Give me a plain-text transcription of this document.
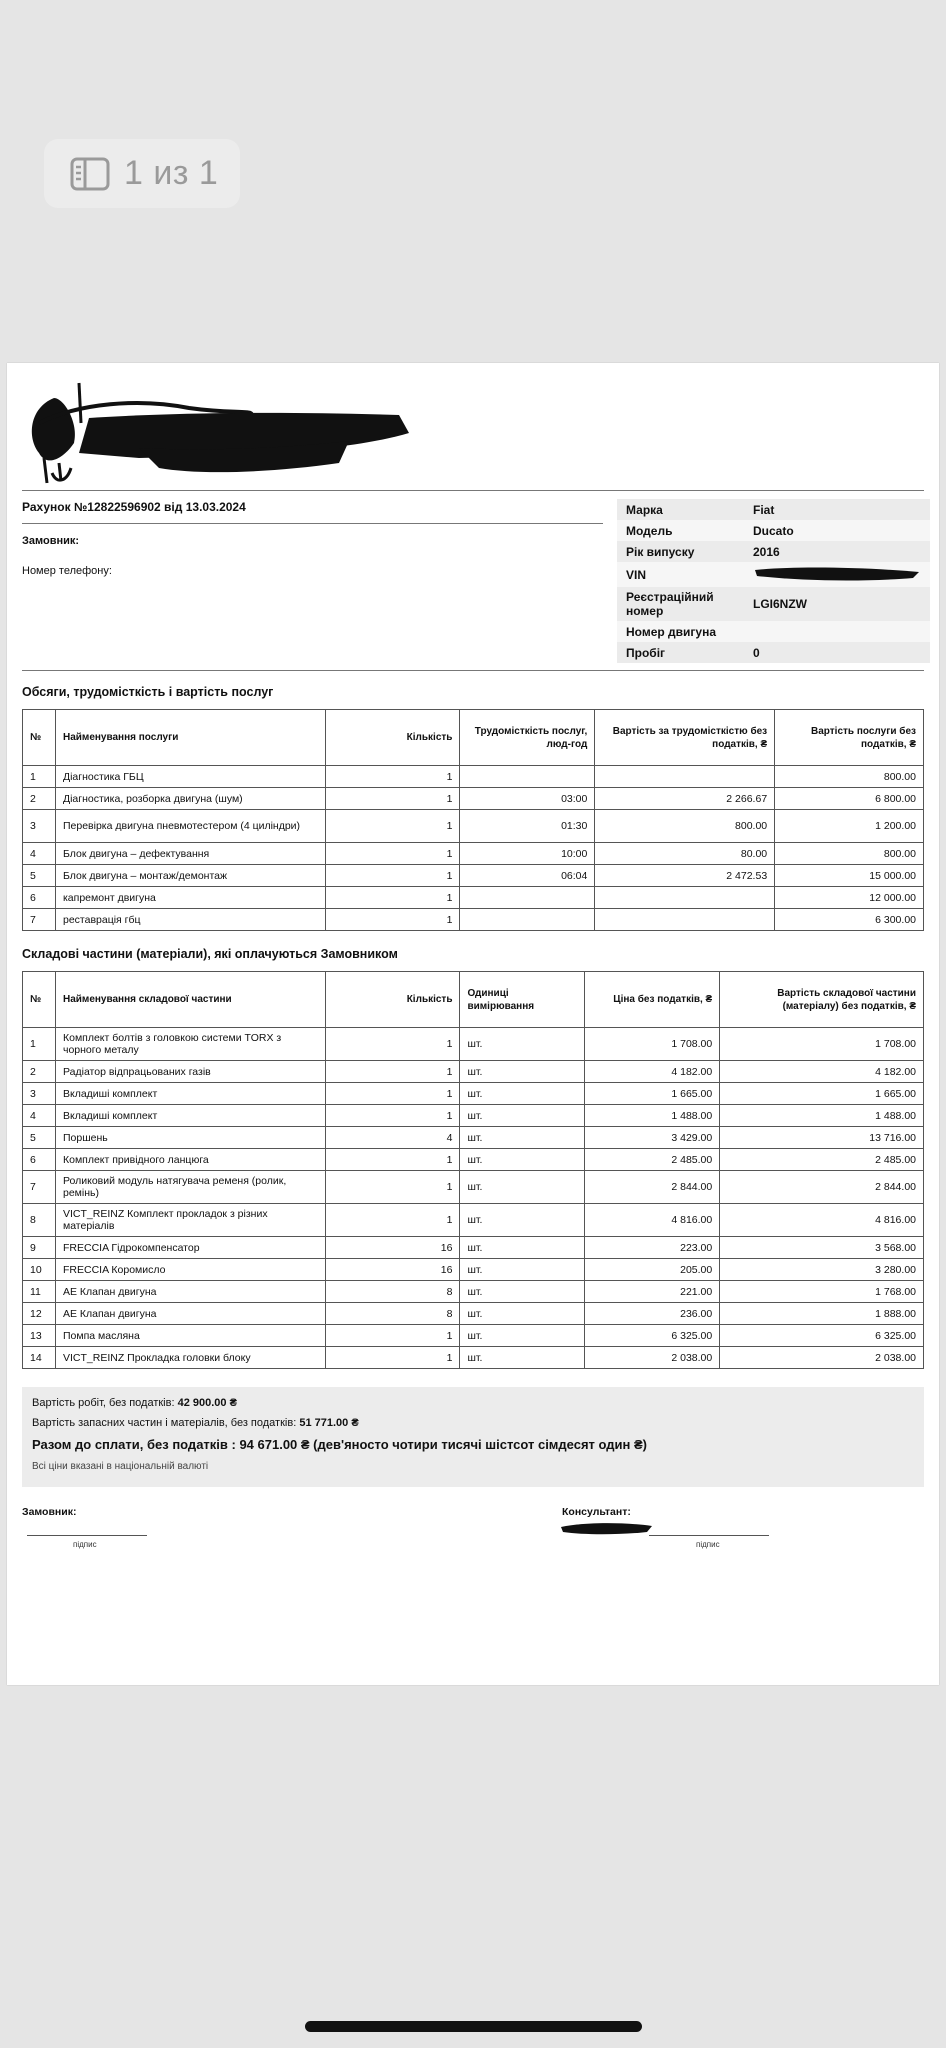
1 из 1
Рахунок №12822596902 від 13.03.2024
Замовник:
Номер телефону:
Марка	Fiat
Модель	Ducato
Рік випуску	2016
VIN	
Реєстраційний номер	LGI6NZW
Номер двигуна	
Пробіг	0
Обсяги, трудомісткість і вартість послуг
№	Найменування послуги	Кількість	Трудомісткість послуг, люд-год	Вартість за трудомісткістю без податків, ₴	Вартість послуги без податків, ₴
1	Діагностика ГБЦ	1			800.00
2	Діагностика, розборка двигуна (шум)	1	03:00	2 266.67	6 800.00
3	Перевірка двигуна пневмотестером (4 циліндри)	1	01:30	800.00	1 200.00
4	Блок двигуна – дефектування	1	10:00	80.00	800.00
5	Блок двигуна – монтаж/демонтаж	1	06:04	2 472.53	15 000.00
6	капремонт двигуна	1			12 000.00
7	реставрація гбц	1			6 300.00
Складові частини (матеріали), які оплачуються Замовником
№	Найменування складової частини	Кількість	Одиниці вимірювання	Ціна без податків, ₴	Вартість складової частини (матеріалу) без податків, ₴
1	Комплект болтів з головкою системи TORX з чорного металу	1	шт.	1 708.00	1 708.00
2	Радіатор відпрацьованих газів	1	шт.	4 182.00	4 182.00
3	Вкладиші комплект	1	шт.	1 665.00	1 665.00
4	Вкладиші комплект	1	шт.	1 488.00	1 488.00
5	Поршень	4	шт.	3 429.00	13 716.00
6	Комплект привідного ланцюга	1	шт.	2 485.00	2 485.00
7	Роликовий модуль натягувача ременя (ролик, ремінь)	1	шт.	2 844.00	2 844.00
8	VICT_REINZ Комплект прокладок з різних матеріалів	1	шт.	4 816.00	4 816.00
9	FRECCIA Гідрокомпенсатор	16	шт.	223.00	3 568.00
10	FRECCIA Коромисло	16	шт.	205.00	3 280.00
11	AE Клапан двигуна	8	шт.	221.00	1 768.00
12	AE Клапан двигуна	8	шт.	236.00	1 888.00
13	Помпа масляна	1	шт.	6 325.00	6 325.00
14	VICT_REINZ Прокладка головки блоку	1	шт.	2 038.00	2 038.00
Вартість робіт, без податків: 42 900.00 ₴
Вартість запасних частин і матеріалів, без податків: 51 771.00 ₴
Разом до сплати, без податків : 94 671.00 ₴ (дев'яносто чотири тисячі шістсот сімдесят один ₴)
Всі ціни вказані в національній валюті
Замовник:
підпис
Консультант:
підпис
